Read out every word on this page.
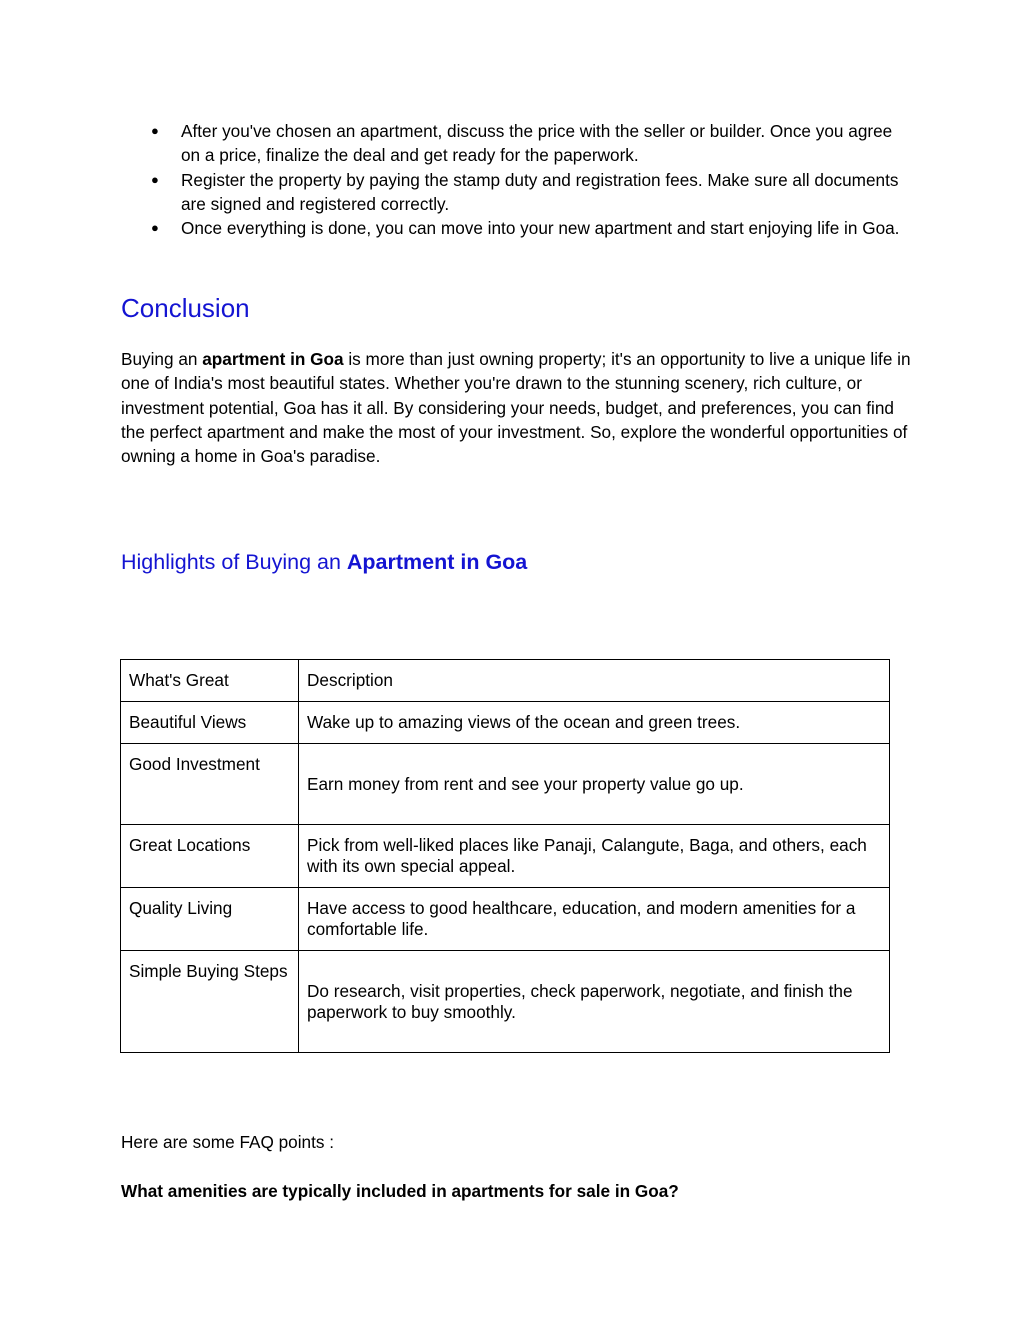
● After you've chosen an apartment, discuss the price with the seller or builder. Once you agree on a price, finalize the deal and get ready for the paperwork.
● Register the property by paying the stamp duty and registration fees. Make sure all documents are signed and registered correctly.
● Once everything is done, you can move into your new apartment and start enjoying life in Goa.
Conclusion

Buying an apartment in Goa is more than just owning property; it's an opportunity to live a unique life in one of India's most beautiful states. Whether you're drawn to the stunning scenery, rich culture, or investment potential, Goa has it all. By considering your needs, budget, and preferences, you can find the perfect apartment and make the most of your investment. So, explore the wonderful opportunities of owning a home in Goa's paradise.

Highlights of Buying an Apartment in Goa
What's Great	Description
Beautiful Views	Wake up to amazing views of the ocean and green trees.
Good Investment	Earn money from rent and see your property value go up.
Great Locations	Pick from well-liked places like Panaji, Calangute, Baga, and others, each with its own special appeal.
Quality Living	Have access to good healthcare, education, and modern amenities for a comfortable life.
Simple Buying Steps	Do research, visit properties, check paperwork, negotiate, and finish the paperwork to buy smoothly.

Here are some FAQ points :

What amenities are typically included in apartments for sale in Goa?
